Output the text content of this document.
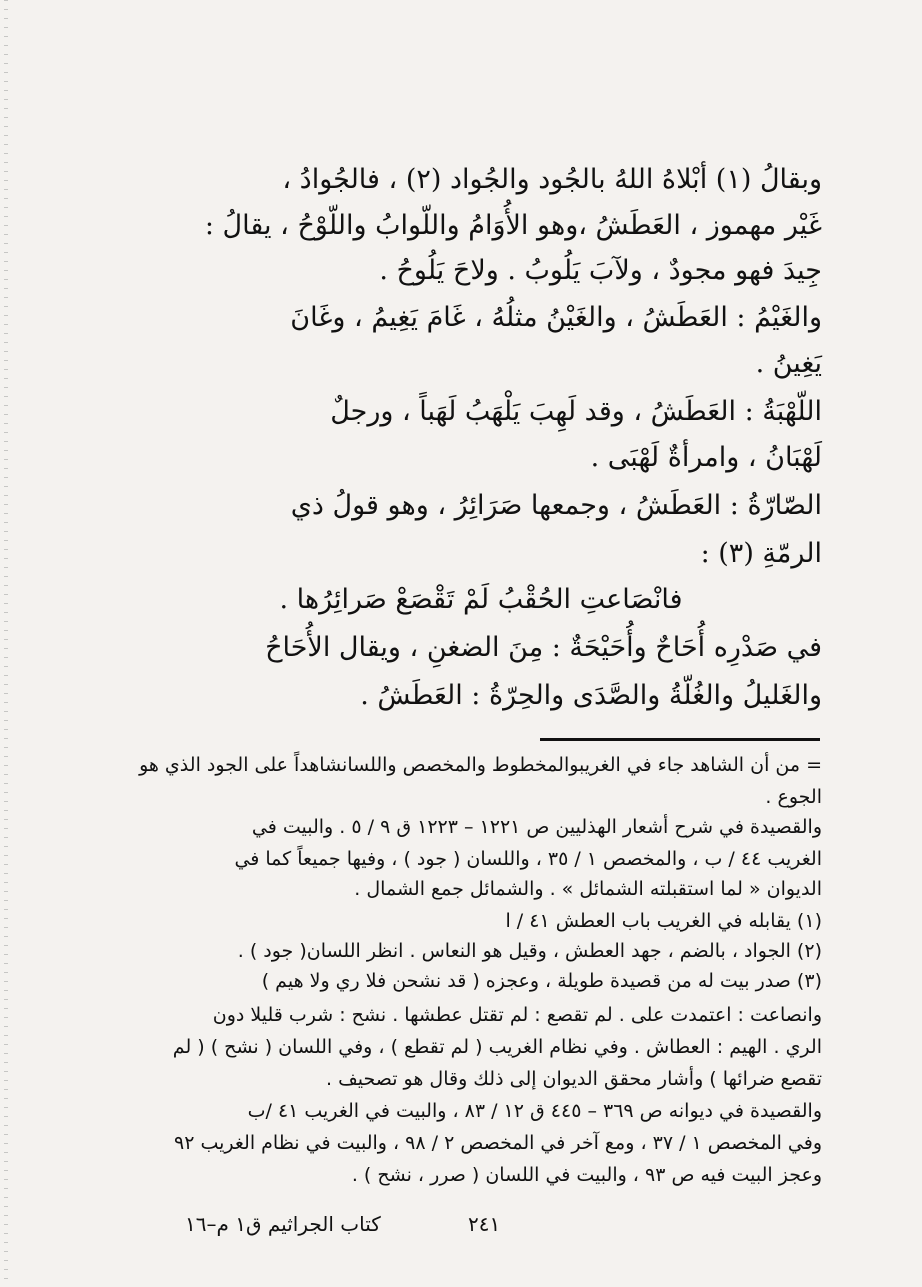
وبقالُ (١) أبْلاهُ اللهُ بالجُود والجُواد (٢) ، فالجُوادُ ،
غَيْر مهموز ، العَطَشُ ،وهو الأُوَامُ واللّوابُ واللّوْحُ ، يقالُ :
جِيدَ فهو مجودٌ ، ولآبَ يَلُوبُ . ولاحَ يَلُوحُ .
والغَيْمُ : العَطَشُ ، والغَيْنُ مثلُهُ ، غَامَ يَغِيمُ ، وغَانَ
يَغِينُ .
اللّهْبَةُ : العَطَشُ ، وقد لَهِبَ يَلْهَبُ لَهَباً ، ورجلٌ
لَهْبَانُ ، وامرأةٌ لَهْبَى .
الصّارّةُ : العَطَشُ ، وجمعها صَرَائِرُ ، وهو قولُ ذي
الرمّةِ (٣) :
فانْصَاعتِ الحُقْبُ لَمْ تَقْصَعْ صَرائِرُها .
في صَدْرِه أُحَاحٌ وأُحَيْحَةٌ : مِنَ الضغنِ ، ويقال الأُحَاحُ
والغَليلُ والغُلّةُ والصَّدَى والحِرّةُ : العَطَشُ .
= من أن الشاهد جاء في الغريبوالمخطوط والمخصص واللسانشاهداً على الجود الذي هو
الجوع .
والقصيدة في شرح أشعار الهذليين ص ١٢٢١ – ١٢٢٣ ق ٩ / ٥ . والبيت في
الغريب ٤٤ / ب ، والمخصص ١ / ٣٥ ، واللسان ( جود ) ، وفيها جميعاً كما في
الديوان « لما استقبلته الشمائل » . والشمائل جمع الشمال .
(١) يقابله في الغريب باب العطش ٤١ / ا
(٢) الجواد ، بالضم ، جهد العطش ، وقيل هو النعاس . انظر اللسان( جود ) .
(٣) صدر بيت له من قصيدة طويلة ، وعجزه ( قد نشحن فلا ري ولا هيم )
وانصاعت : اعتمدت على . لم تقصع : لم تقتل عطشها . نشح : شرب قليلا دون
الري . الهيم : العطاش . وفي نظام الغريب ( لم تقطع ) ، وفي اللسان ( نشح ) ( لم
تقصع ضرائها ) وأشار محقق الديوان إلى ذلك وقال هو تصحيف .
والقصيدة في ديوانه ص ٣٦٩ – ٤٤٥ ق ١٢ / ٨٣ ، والبيت في الغريب ٤١ /ب
وفي المخصص ١ / ٣٧ ، ومع آخر في المخصص ٢ / ٩٨ ، والبيت في نظام الغريب ٩٢
وعجز البيت فيه ص ٩٣ ، والبيت في اللسان ( صرر ، نشح ) .
٢٤١
كتاب الجراثيم ق١ م–١٦
